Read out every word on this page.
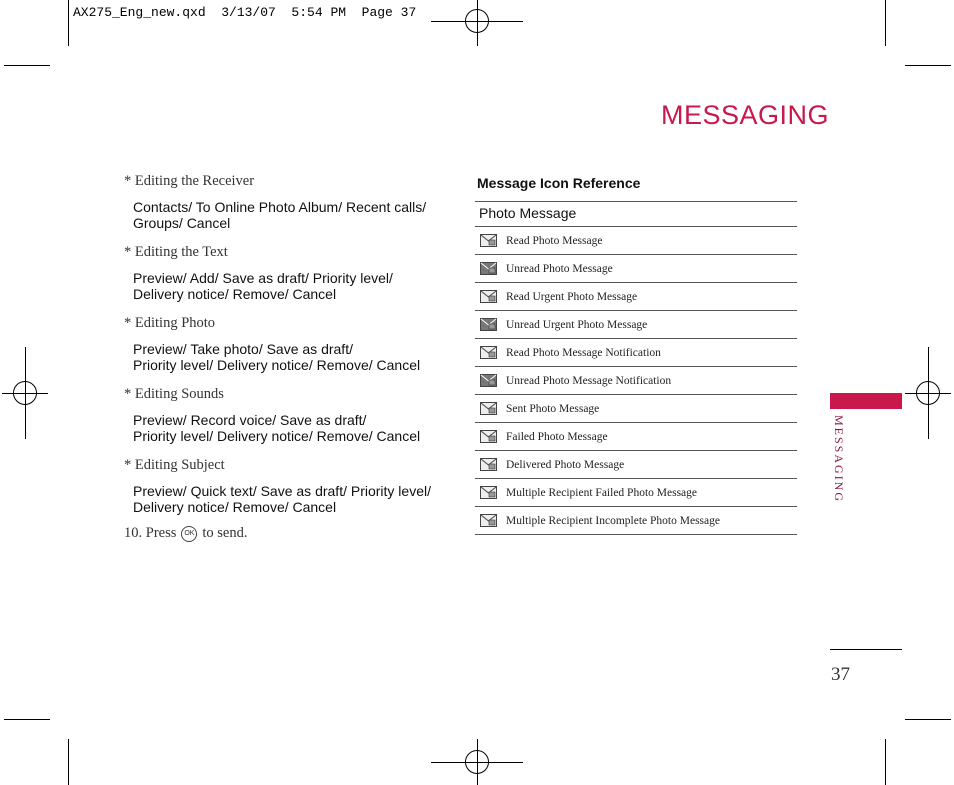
AX275_Eng_new.qxd  3/13/07  5:54 PM  Page 37
MESSAGING
* Editing the Receiver
Contacts/ To Online Photo Album/ Recent calls/
Groups/ Cancel
* Editing the Text
Preview/ Add/ Save as draft/ Priority level/
Delivery notice/ Remove/ Cancel
* Editing Photo
Preview/ Take photo/ Save as draft/
Priority level/ Delivery notice/ Remove/ Cancel
* Editing Sounds
Preview/ Record voice/ Save as draft/
Priority level/ Delivery notice/ Remove/ Cancel
* Editing Subject
Preview/ Quick text/ Save as draft/ Priority level/
Delivery notice/ Remove/ Cancel
10. Press	OK to send.
Message Icon Reference
Photo Message
Read Photo Message
Unread Photo Message
Read Urgent Photo Message
Unread Urgent Photo Message
Read Photo Message Notification
Unread Photo Message Notification
Sent Photo Message
Failed Photo Message
Delivered Photo Message
Multiple Recipient Failed Photo Message
Multiple Recipient Incomplete Photo Message
MESSAGING
37
